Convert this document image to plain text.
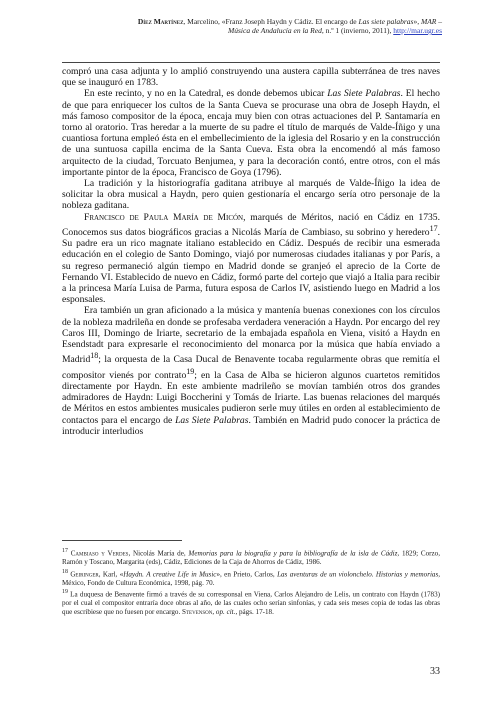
Díez Martínez, Marcelino, «Franz Joseph Haydn y Cádiz. El encargo de Las siete palabras», MAR – Música de Andalucía en la Red, n.º 1 (invierno, 2011), http://mar.ugr.es

compró una casa adjunta y lo amplió construyendo una austera capilla subterránea de tres naves que se inauguró en 1783.

En este recinto, y no en la Catedral, es donde debemos ubicar Las Siete Palabras. El hecho de que para enriquecer los cultos de la Santa Cueva se procurase una obra de Joseph Haydn, el más famoso compositor de la época, encaja muy bien con otras actuaciones del P. Santamaría en torno al oratorio. Tras heredar a la muerte de su padre el título de marqués de Valde-Íñigo y una cuantiosa fortuna empleó ésta en el embellecimiento de la iglesia del Rosario y en la construcción de una suntuosa capilla encima de la Santa Cueva. Esta obra la encomendó al más famoso arquitecto de la ciudad, Torcuato Benjumea, y para la decoración contó, entre otros, con el más importante pintor de la época, Francisco de Goya (1796).

La tradición y la historiografía gaditana atribuye al marqués de Valde-Íñigo la idea de solicitar la obra musical a Haydn, pero quien gestionaría el encargo sería otro personaje de la nobleza gaditana.

Francisco de Paula María de Micón, marqués de Méritos, nació en Cádiz en 1735. Conocemos sus datos biográficos gracias a Nicolás María de Cambiaso, su sobrino y heredero$^{17}$. Su padre era un rico magnate italiano establecido en Cádiz. Después de recibir una esmerada educación en el colegio de Santo Domingo, viajó por numerosas ciudades italianas y por París, a su regreso permaneció algún tiempo en Madrid donde se granjeó el aprecio de la Corte de Fernando VI. Establecido de nuevo en Cádiz, formó parte del cortejo que viajó a Italia para recibir a la princesa María Luisa de Parma, futura esposa de Carlos IV, asistiendo luego en Madrid a los esponsales.

Era también un gran aficionado a la música y mantenía buenas conexiones con los círculos de la nobleza madrileña en donde se profesaba verdadera veneración a Haydn. Por encargo del rey Caros III, Domingo de Iriarte, secretario de la embajada española en Viena, visitó a Haydn en Esendstadt para expresarle el reconocimiento del monarca por la música que había enviado a Madrid$^{18}$; la orquesta de la Casa Ducal de Benavente tocaba regularmente obras que remitía el compositor vienés por contrato$^{19}$; en la Casa de Alba se hicieron algunos cuartetos remitidos directamente por Haydn. En este ambiente madrileño se movían también otros dos grandes admiradores de Haydn: Luigi Boccherini y Tomás de Iriarte. Las buenas relaciones del marqués de Méritos en estos ambientes musicales pudieron serle muy útiles en orden al establecimiento de contactos para el encargo de Las Siete Palabras. También en Madrid pudo conocer la práctica de introducir interludios

$^{17}$ Cambiaso y Verdes, Nicolás María de, Memorias para la biografía y para la bibliografía de la isla de Cádiz, 1829; Corzo, Ramón y Toscano, Margarita (eds), Cádiz, Ediciones de la Caja de Ahorros de Cádiz, 1986.

$^{18}$ Geiringer, Karl, «Haydn. A creative Life in Music», en Prieto, Carlos, Las aventuras de un violonchelo. Historias y memorias, México, Fondo de Cultura Económica, 1998, pág. 70.

$^{19}$ La duquesa de Benavente firmó a través de su corresponsal en Viena, Carlos Alejandro de Lelis, un contrato con Haydn (1783) por el cual el compositor entraría doce obras al año, de las cuales ocho serían sinfonías, y cada seis meses copia de todas las obras que escribiese que no fuesen por encargo. Stevenson, op. cit., págs. 17-18.

33
